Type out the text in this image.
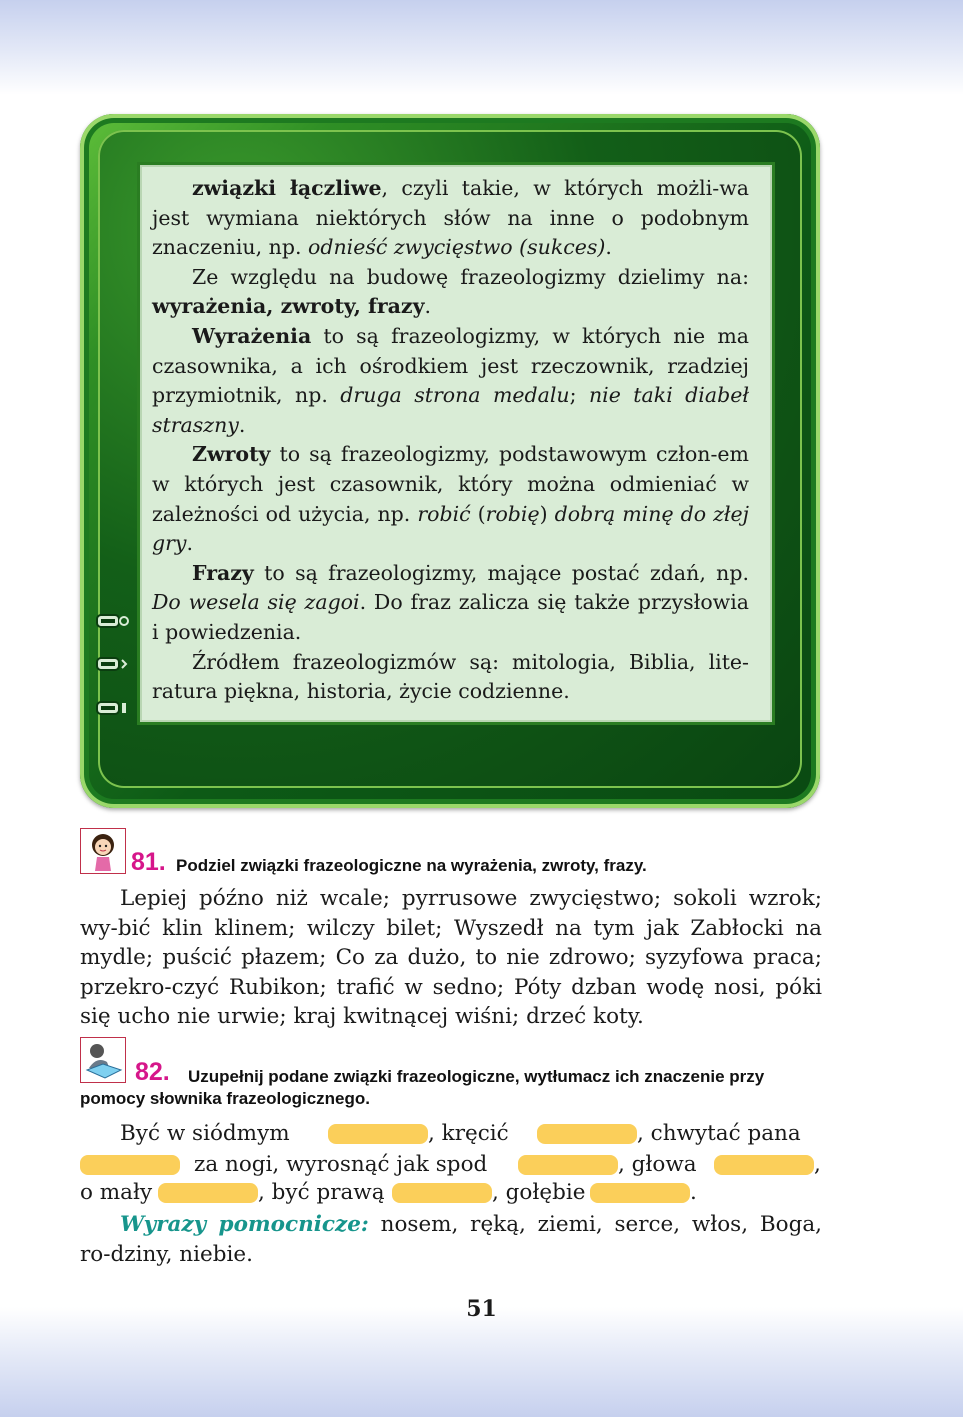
związki łączliwe, czyli takie, w których możli-wa jest wymiana niektórych słów na inne o podobnym znaczeniu, np. odnieść zwycięstwo (sukces).

Ze względu na budowę frazeologizmy dzielimy na: wyrażenia, zwroty, frazy.

Wyrażenia to są frazeologizmy, w których nie ma czasownika, a ich ośrodkiem jest rzeczownik, rzadziej przymiotnik, np. druga strona medalu; nie taki diabeł straszny.

Zwroty to są frazeologizmy, podstawowym człon-em w których jest czasownik, który można odmieniać w zależności od użycia, np. robić (robię) dobrą minę do złej gry.

Frazy to są frazeologizmy, mające postać zdań, np. Do wesela się zagoi. Do fraz zalicza się także przysłowia i powiedzenia.

Źródłem frazeologizmów są: mitologia, Biblia, lite-ratura piękna, historia, życie codzienne.

81. Podziel związki frazeologiczne na wyrażenia, zwroty, frazy.

Lepiej późno niż wcale; pyrrusowe zwycięstwo; sokoli wzrok; wy-bić klin klinem; wilczy bilet; Wyszedł na tym jak Zabłocki na mydle; puścić płazem; Co za dużo, to nie zdrowo; syzyfowa praca; przekro-czyć Rubikon; trafić w sedno; Póty dzban wodę nosi, póki się ucho nie urwie; kraj kwitnącej wiśni; drzeć koty.

82.	Uzupełnij podane związki frazeologiczne, wytłumacz ich znaczenie przy pomocy słownika frazeologicznego.
Być w siódmym	, kręcić	, chwytać pana
za nogi, wyrosnąć jak spod	, głowa	,
o mały	, być prawą	, gołębie	.

Wyrazy pomocnicze: nosem, ręką, ziemi, serce, włos, Boga, ro-dziny, niebie.

51
